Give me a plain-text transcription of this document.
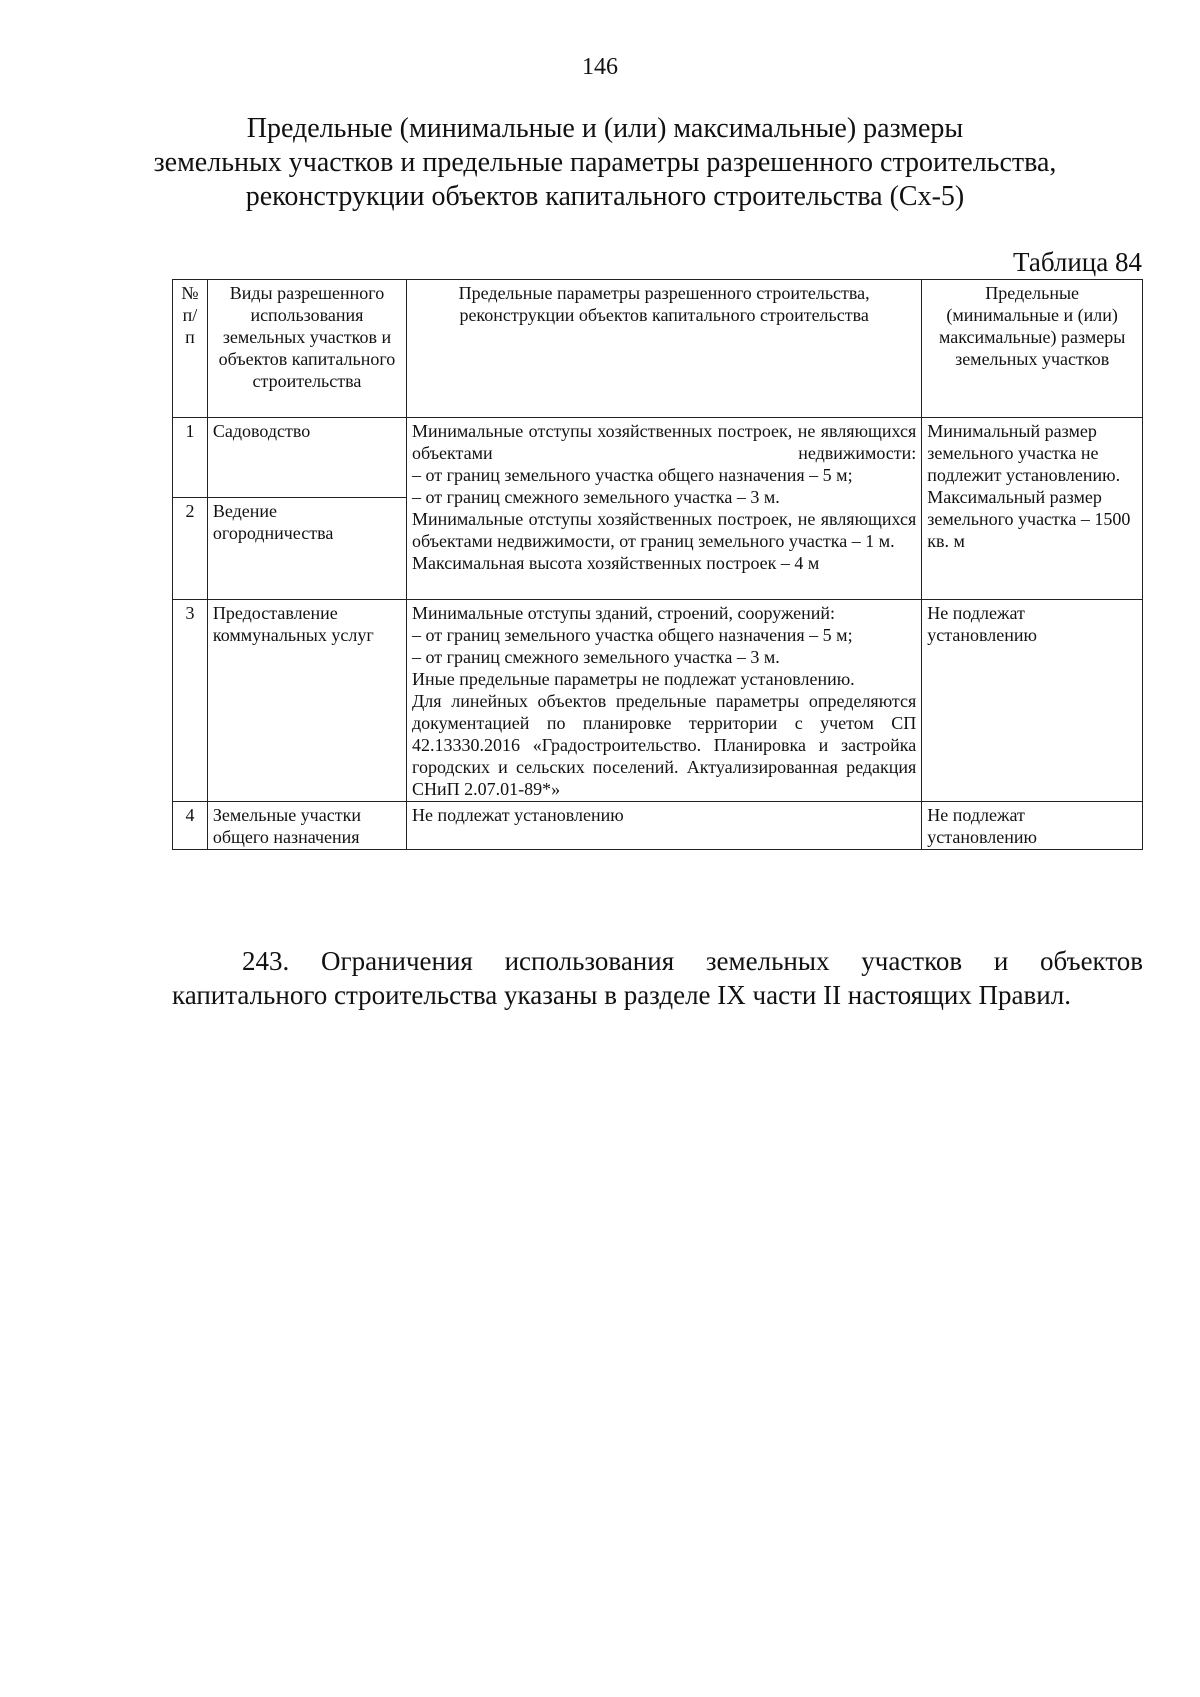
146
Предельные (минимальные и (или) максимальные) размеры
земельных участков и предельные параметры разрешенного строительства,
реконструкции объектов капитального строительства (Сх-5)
Таблица 84
№ п/п	Виды разрешенного использования земельных участков и объектов капитального строительства	Предельные параметры разрешенного строительства, реконструкции объектов капитального строительства	Предельные (минимальные и (или) максимальные) размеры земельных участков
1	Садоводство	Минимальные отступы хозяйственных построек, не являющихся объектами недвижимости:
– от границ земельного участка общего назначения – 5 м;
– от границ смежного земельного участка – 3 м.
Минимальные отступы хозяйственных построек, не являющихся объектами недвижимости, от границ земельного участка – 1 м.
Максимальная высота хозяйственных построек – 4 м	Минимальный размер земельного участка не подлежит установлению.
Максимальный размер земельного участка – 1500 кв. м

2	Ведение огородничества		
3	Предоставление коммунальных услуг	Минимальные отступы зданий, строений, сооружений:
– от границ земельного участка общего назначения – 5 м;
– от границ смежного земельного участка – 3 м.
Иные предельные параметры не подлежат установлению.
Для линейных объектов предельные параметры определяются документацией по планировке территории с учетом СП 42.13330.2016 «Градостроительство. Планировка и застройка городских и сельских поселений. Актуализированная редакция СНиП 2.07.01-89*»	Не подлежат установлению
4	Земельные участки общего назначения	Не подлежат установлению	Не подлежат установлению
243. Ограничения использования земельных участков и объектов капитального строительства указаны в разделе IX части II настоящих Правил.
